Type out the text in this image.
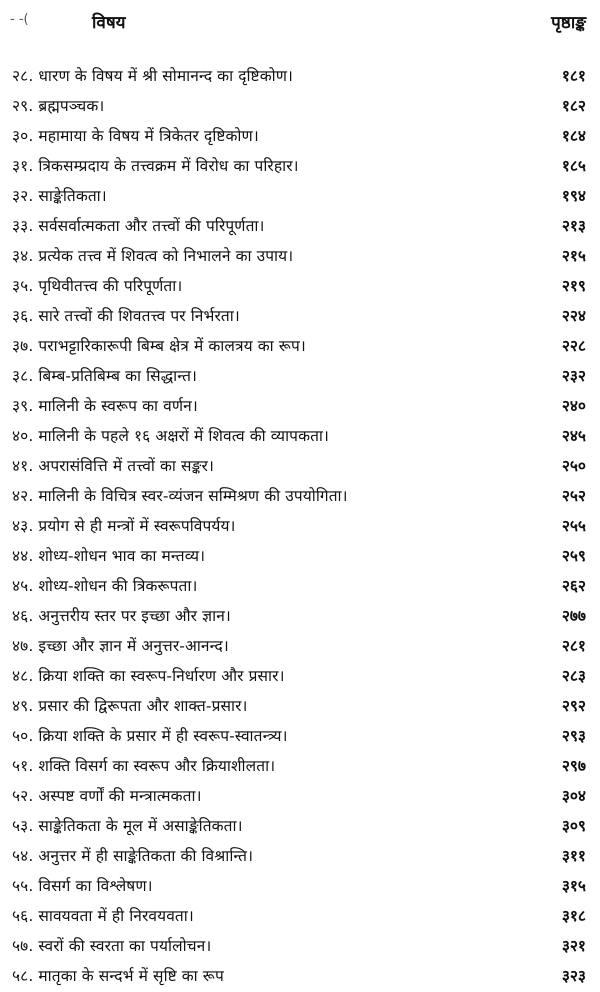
- -(	विषय	पृष्ठाङ्क
२८. धारण के विषय में श्री सोमानन्द का दृष्टिकोण।	१८१
२९. ब्रह्मपञ्चक।	१८२
३०. महामाया के विषय में त्रिकेतर दृष्टिकोण।	१८४
३१. त्रिकसम्प्रदाय के तत्त्वक्रम में विरोध का परिहार।	१८५
३२. साङ्केतिकता।	१९४
३३. सर्वसर्वात्मकता और तत्त्वों की परिपूर्णता।	२१३
३४. प्रत्येक तत्त्व में शिवत्व को निभालने का उपाय।	२१५
३५. पृथिवीतत्त्व की परिपूर्णता।	२१९
३६. सारे तत्त्वों की शिवतत्त्व पर निर्भरता।	२२४
३७. पराभट्टारिकारूपी बिम्ब क्षेत्र में कालत्रय का रूप।	२२८
३८. बिम्ब-प्रतिबिम्ब का सिद्धान्त।	२३२
३९. मालिनी के स्वरूप का वर्णन।	२४०
४०. मालिनी के पहले १६ अक्षरों में शिवत्व की व्यापकता।	२४५
४१. अपरासंवित्ति में तत्त्वों का सङ्कर।	२५०
४२. मालिनी के विचित्र स्वर-व्यंजन सम्मिश्रण की उपयोगिता।	२५२
४३. प्रयोग से ही मन्त्रों में स्वरूपविपर्यय।	२५५
४४. शोध्य-शोधन भाव का मन्तव्य।	२५९
४५. शोध्य-शोधन की त्रिकरूपता।	२६२
४६. अनुत्तरीय स्तर पर इच्छा और ज्ञान।	२७७
४७. इच्छा और ज्ञान में अनुत्तर-आनन्द।	२८१
४८. क्रिया शक्ति का स्वरूप-निर्धारण और प्रसार।	२८३
४९. प्रसार की द्विरूपता और शाक्त-प्रसार।	२९२
५०. क्रिया शक्ति के प्रसार में ही स्वरूप-स्वातन्त्र्य।	२९३
५१. शक्ति विसर्ग का स्वरूप और क्रियाशीलता।	२९७
५२. अस्पष्ट वर्णों की मन्त्रात्मकता।	३०४
५३. साङ्केतिकता के मूल में असाङ्केतिकता।	३०९
५४. अनुत्तर में ही साङ्केतिकता की विश्रान्ति।	३११
५५. विसर्ग का विश्लेषण।	३१५
५६. सावयवता में ही निरवयवता।	३१८
५७. स्वरों की स्वरता का पर्यालोचन।	३२१
५८. मातृका के सन्दर्भ में सृष्टि का रूप	३२३
